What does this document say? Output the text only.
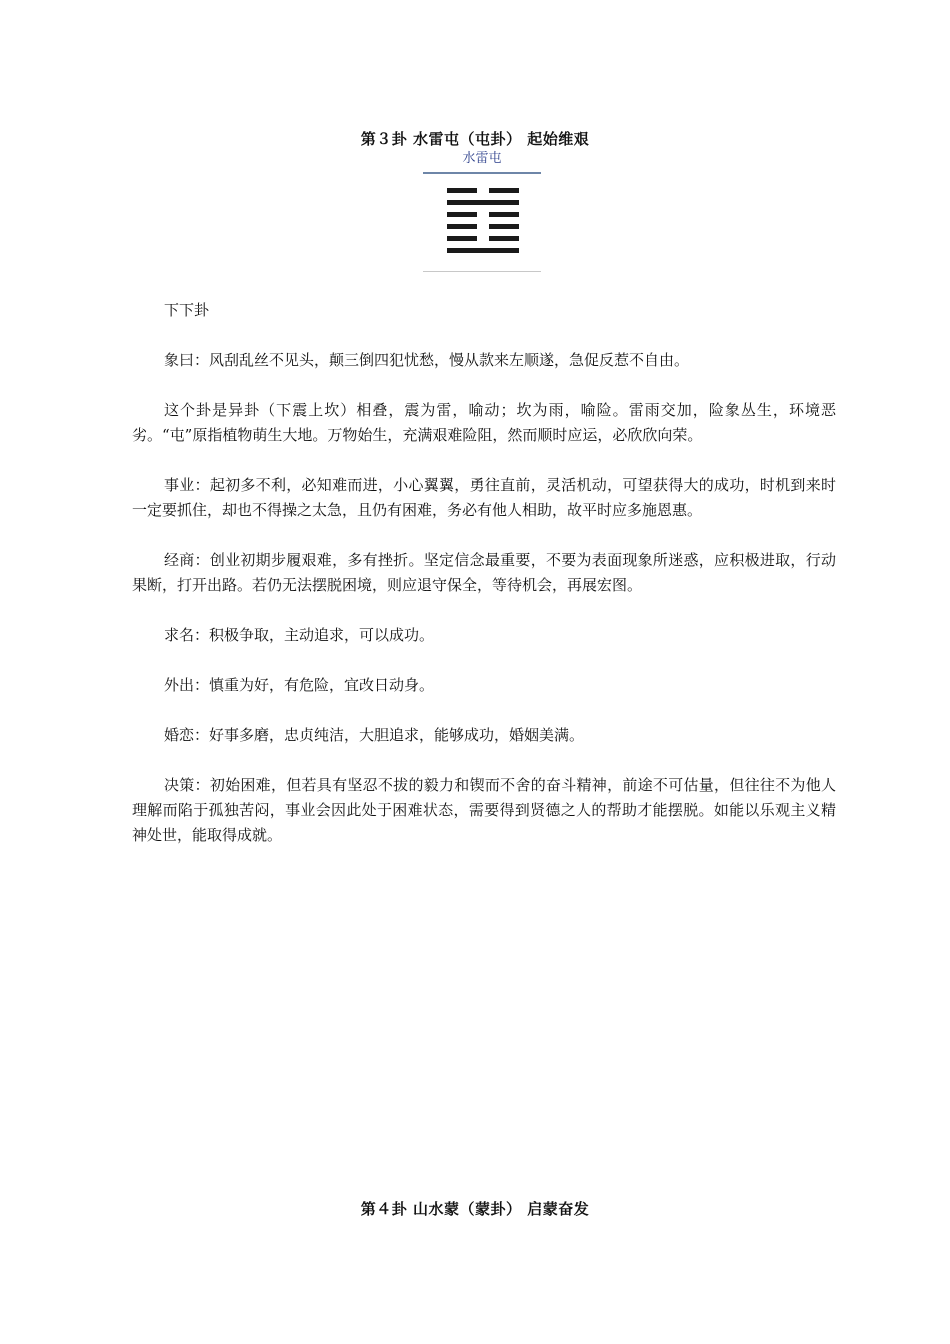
第３卦 水雷屯（屯卦） 起始维艰
水雷屯

下下卦

象曰：风刮乱丝不见头，颠三倒四犯忧愁，慢从款来左顺遂，急促反惹不自由。

这个卦是异卦（下震上坎）相叠，震为雷，喻动；坎为雨，喻险。雷雨交加，险象丛生，环境恶劣。“屯”原指植物萌生大地。万物始生，充满艰难险阻，然而顺时应运，必欣欣向荣。

事业：起初多不利，必知难而进，小心翼翼，勇往直前，灵活机动，可望获得大的成功，时机到来时一定要抓住，却也不得操之太急，且仍有困难，务必有他人相助，故平时应多施恩惠。

经商：创业初期步履艰难，多有挫折。坚定信念最重要，不要为表面现象所迷惑，应积极进取，行动果断，打开出路。若仍无法摆脱困境，则应退守保全，等待机会，再展宏图。

求名：积极争取，主动追求，可以成功。

外出：慎重为好，有危险，宜改日动身。

婚恋：好事多磨，忠贞纯洁，大胆追求，能够成功，婚姻美满。

决策：初始困难，但若具有坚忍不拔的毅力和锲而不舍的奋斗精神，前途不可估量，但往往不为他人理解而陷于孤独苦闷，事业会因此处于困难状态，需要得到贤德之人的帮助才能摆脱。如能以乐观主义精神处世，能取得成就。

第４卦 山水蒙（蒙卦） 启蒙奋发
